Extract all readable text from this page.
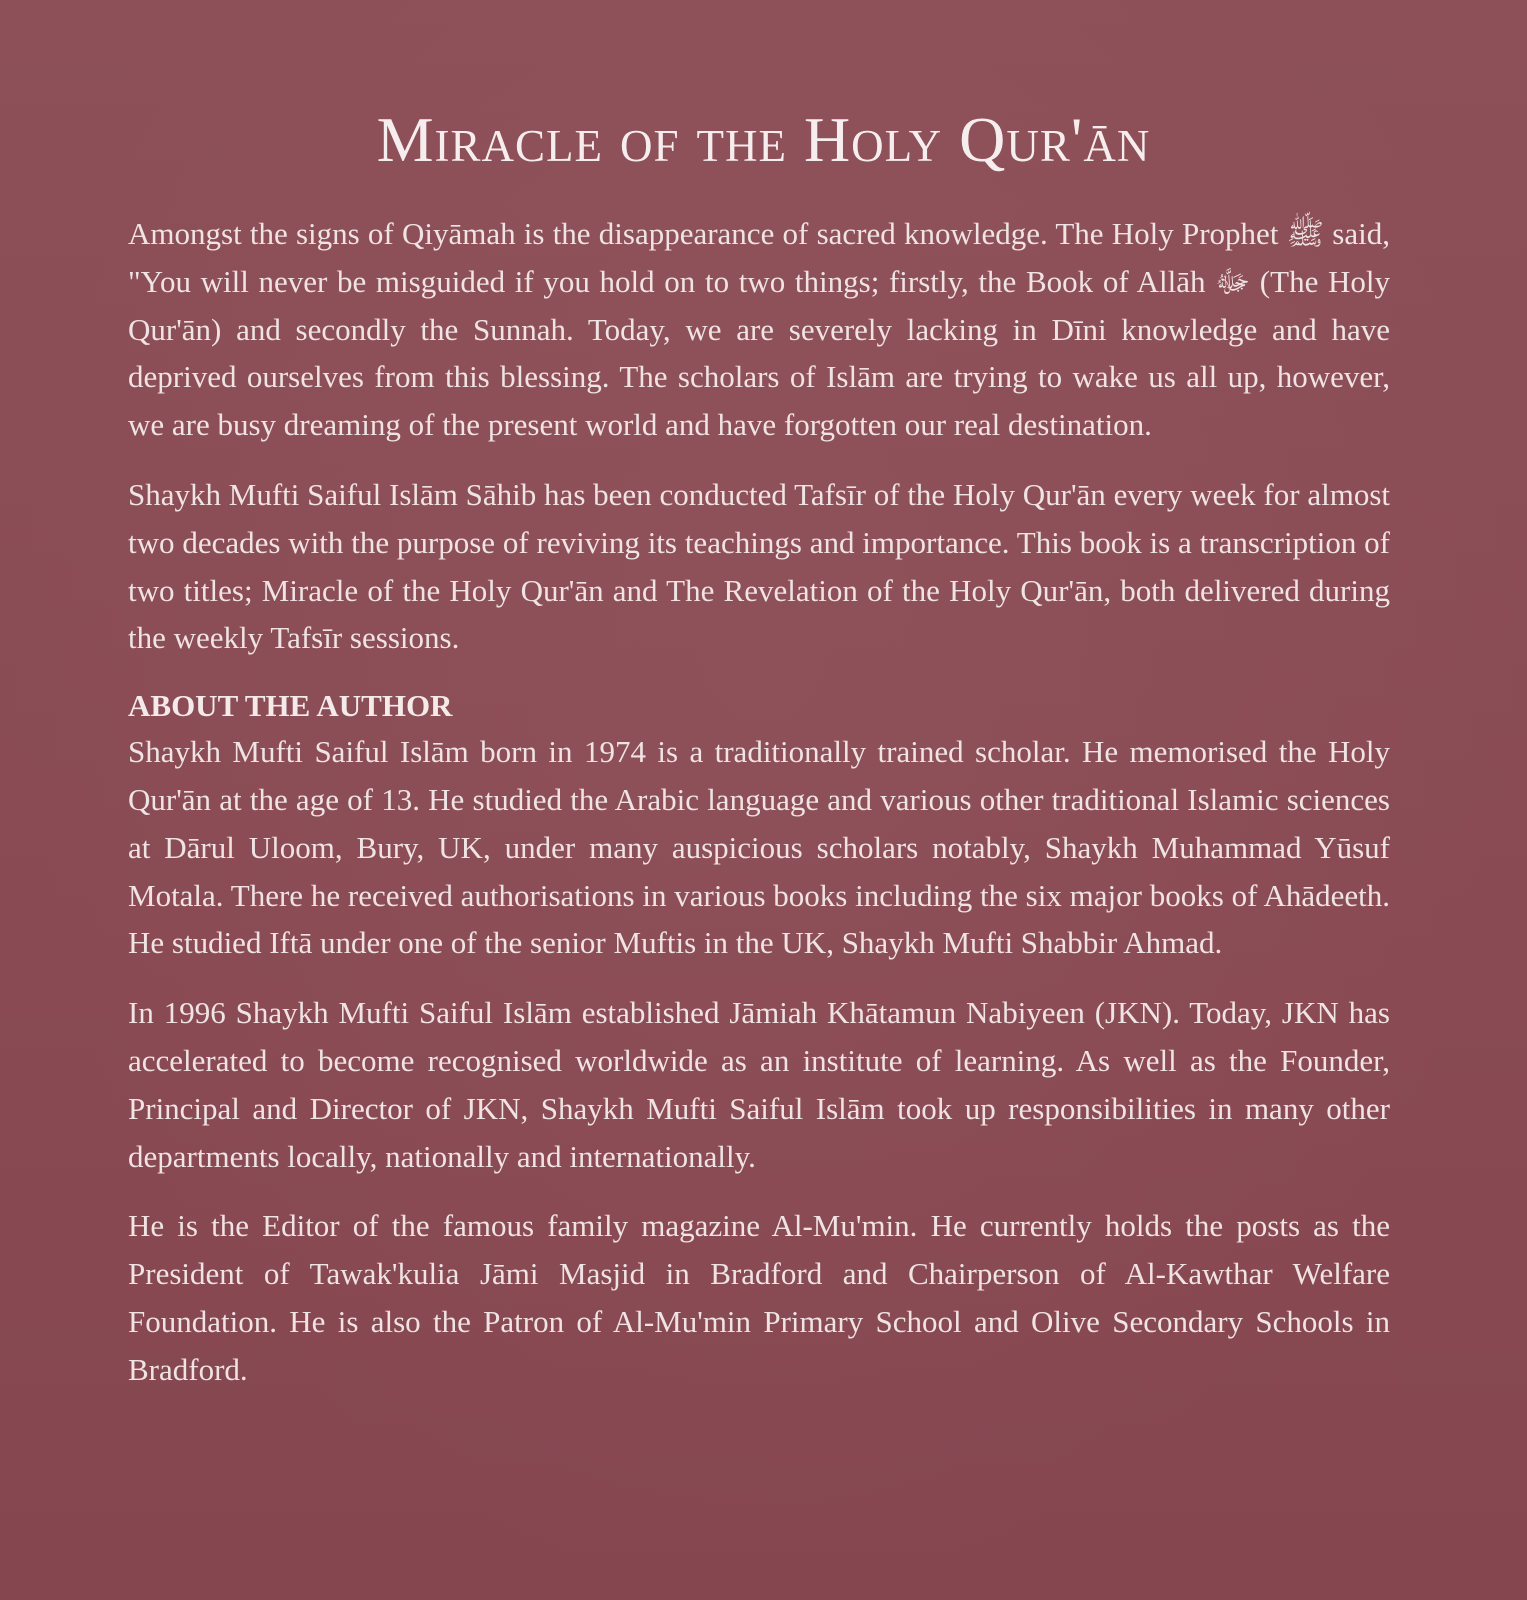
Miracle of the Holy Qur'ān

Amongst the signs of Qiyāmah is the disappearance of sacred knowledge. The Holy Prophet ﷺ said, "You will never be misguided if you hold on to two things; firstly, the Book of Allāh ﷻ (The Holy Qur'ān) and secondly the Sunnah. Today, we are severely lacking in Dīni knowledge and have deprived ourselves from this blessing. The scholars of Islām are trying to wake us all up, however, we are busy dreaming of the present world and have forgotten our real destination.

Shaykh Mufti Saiful Islām Sāhib has been conducted Tafsīr of the Holy Qur'ān every week for almost two decades with the purpose of reviving its teachings and importance. This book is a transcription of two titles; Miracle of the Holy Qur'ān and The Revelation of the Holy Qur'ān, both delivered during the weekly Tafsīr sessions.

ABOUT THE AUTHOR

Shaykh Mufti Saiful Islām born in 1974 is a traditionally trained scholar. He memorised the Holy Qur'ān at the age of 13. He studied the Arabic language and various other traditional Islamic sciences at Dārul Uloom, Bury, UK, under many auspicious scholars notably, Shaykh Muhammad Yūsuf Motala. There he received authorisations in various books including the six major books of Ahādeeth. He studied Iftā under one of the senior Muftis in the UK, Shaykh Mufti Shabbir Ahmad.

In 1996 Shaykh Mufti Saiful Islām established Jāmiah Khātamun Nabiyeen (JKN). Today, JKN has accelerated to become recognised worldwide as an institute of learning. As well as the Founder, Principal and Director of JKN, Shaykh Mufti Saiful Islām took up responsibilities in many other departments locally, nationally and internationally.

He is the Editor of the famous family magazine Al-Mu'min. He currently holds the posts as the President of Tawak'kulia Jāmi Masjid in Bradford and Chairperson of Al-Kawthar Welfare Foundation. He is also the Patron of Al-Mu'min Primary School and Olive Secondary Schools in Bradford.
